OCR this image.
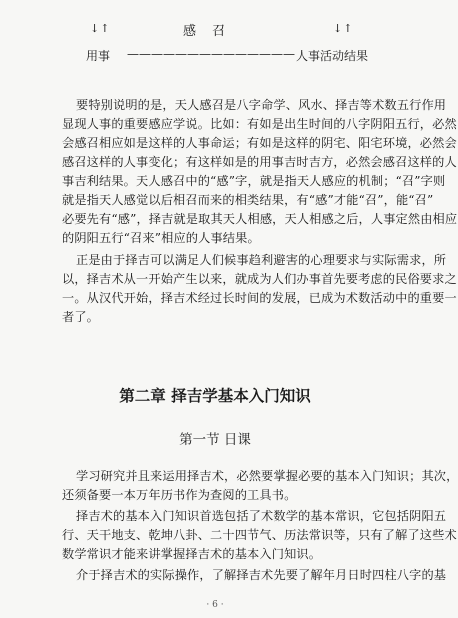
↓↑	感 召	↓↑
用事 —————————————— 人事活动结果
要特别说明的是，天人感召是八字命学、风水、择吉等术数五行作用
显现人事的重要感应学说。比如：有如是出生时间的八字阴阳五行，必然
会感召相应如是这样的人事命运；有如是这样的阴宅、阳宅环境，必然会
感召这样的人事变化；有这样如是的用事吉时吉方，必然会感召这样的人
事吉利结果。天人感召中的“感”字，就是指天人感应的机制；“召”字则
就是指天人感觉以后相召而来的相类结果，有“感”才能“召”，能“召”
必要先有“感”，择吉就是取其天人相感，天人相感之后，人事定然由相应
的阴阳五行“召来”相应的人事结果。
正是由于择吉可以满足人们候事趋利避害的心理要求与实际需求，所
以，择吉术从一开始产生以来，就成为人们办事首先要考虑的民俗要求之
一。从汉代开始，择吉术经过长时间的发展，已成为术数活动中的重要一
者了。
第二章 择吉学基本入门知识
第一节 日课
学习研究并且来运用择吉术，必然要掌握必要的基本入门知识；其次，
还须备要一本万年历书作为查阅的工具书。
择吉术的基本入门知识首选包括了术数学的基本常识，它包括阴阳五
行、天干地支、乾坤八卦、二十四节气、历法常识等，只有了解了这些术
数学常识才能来讲掌握择吉术的基本入门知识。
介于择吉术的实际操作，了解择吉术先要了解年月日时四柱八字的基
· 6 ·
